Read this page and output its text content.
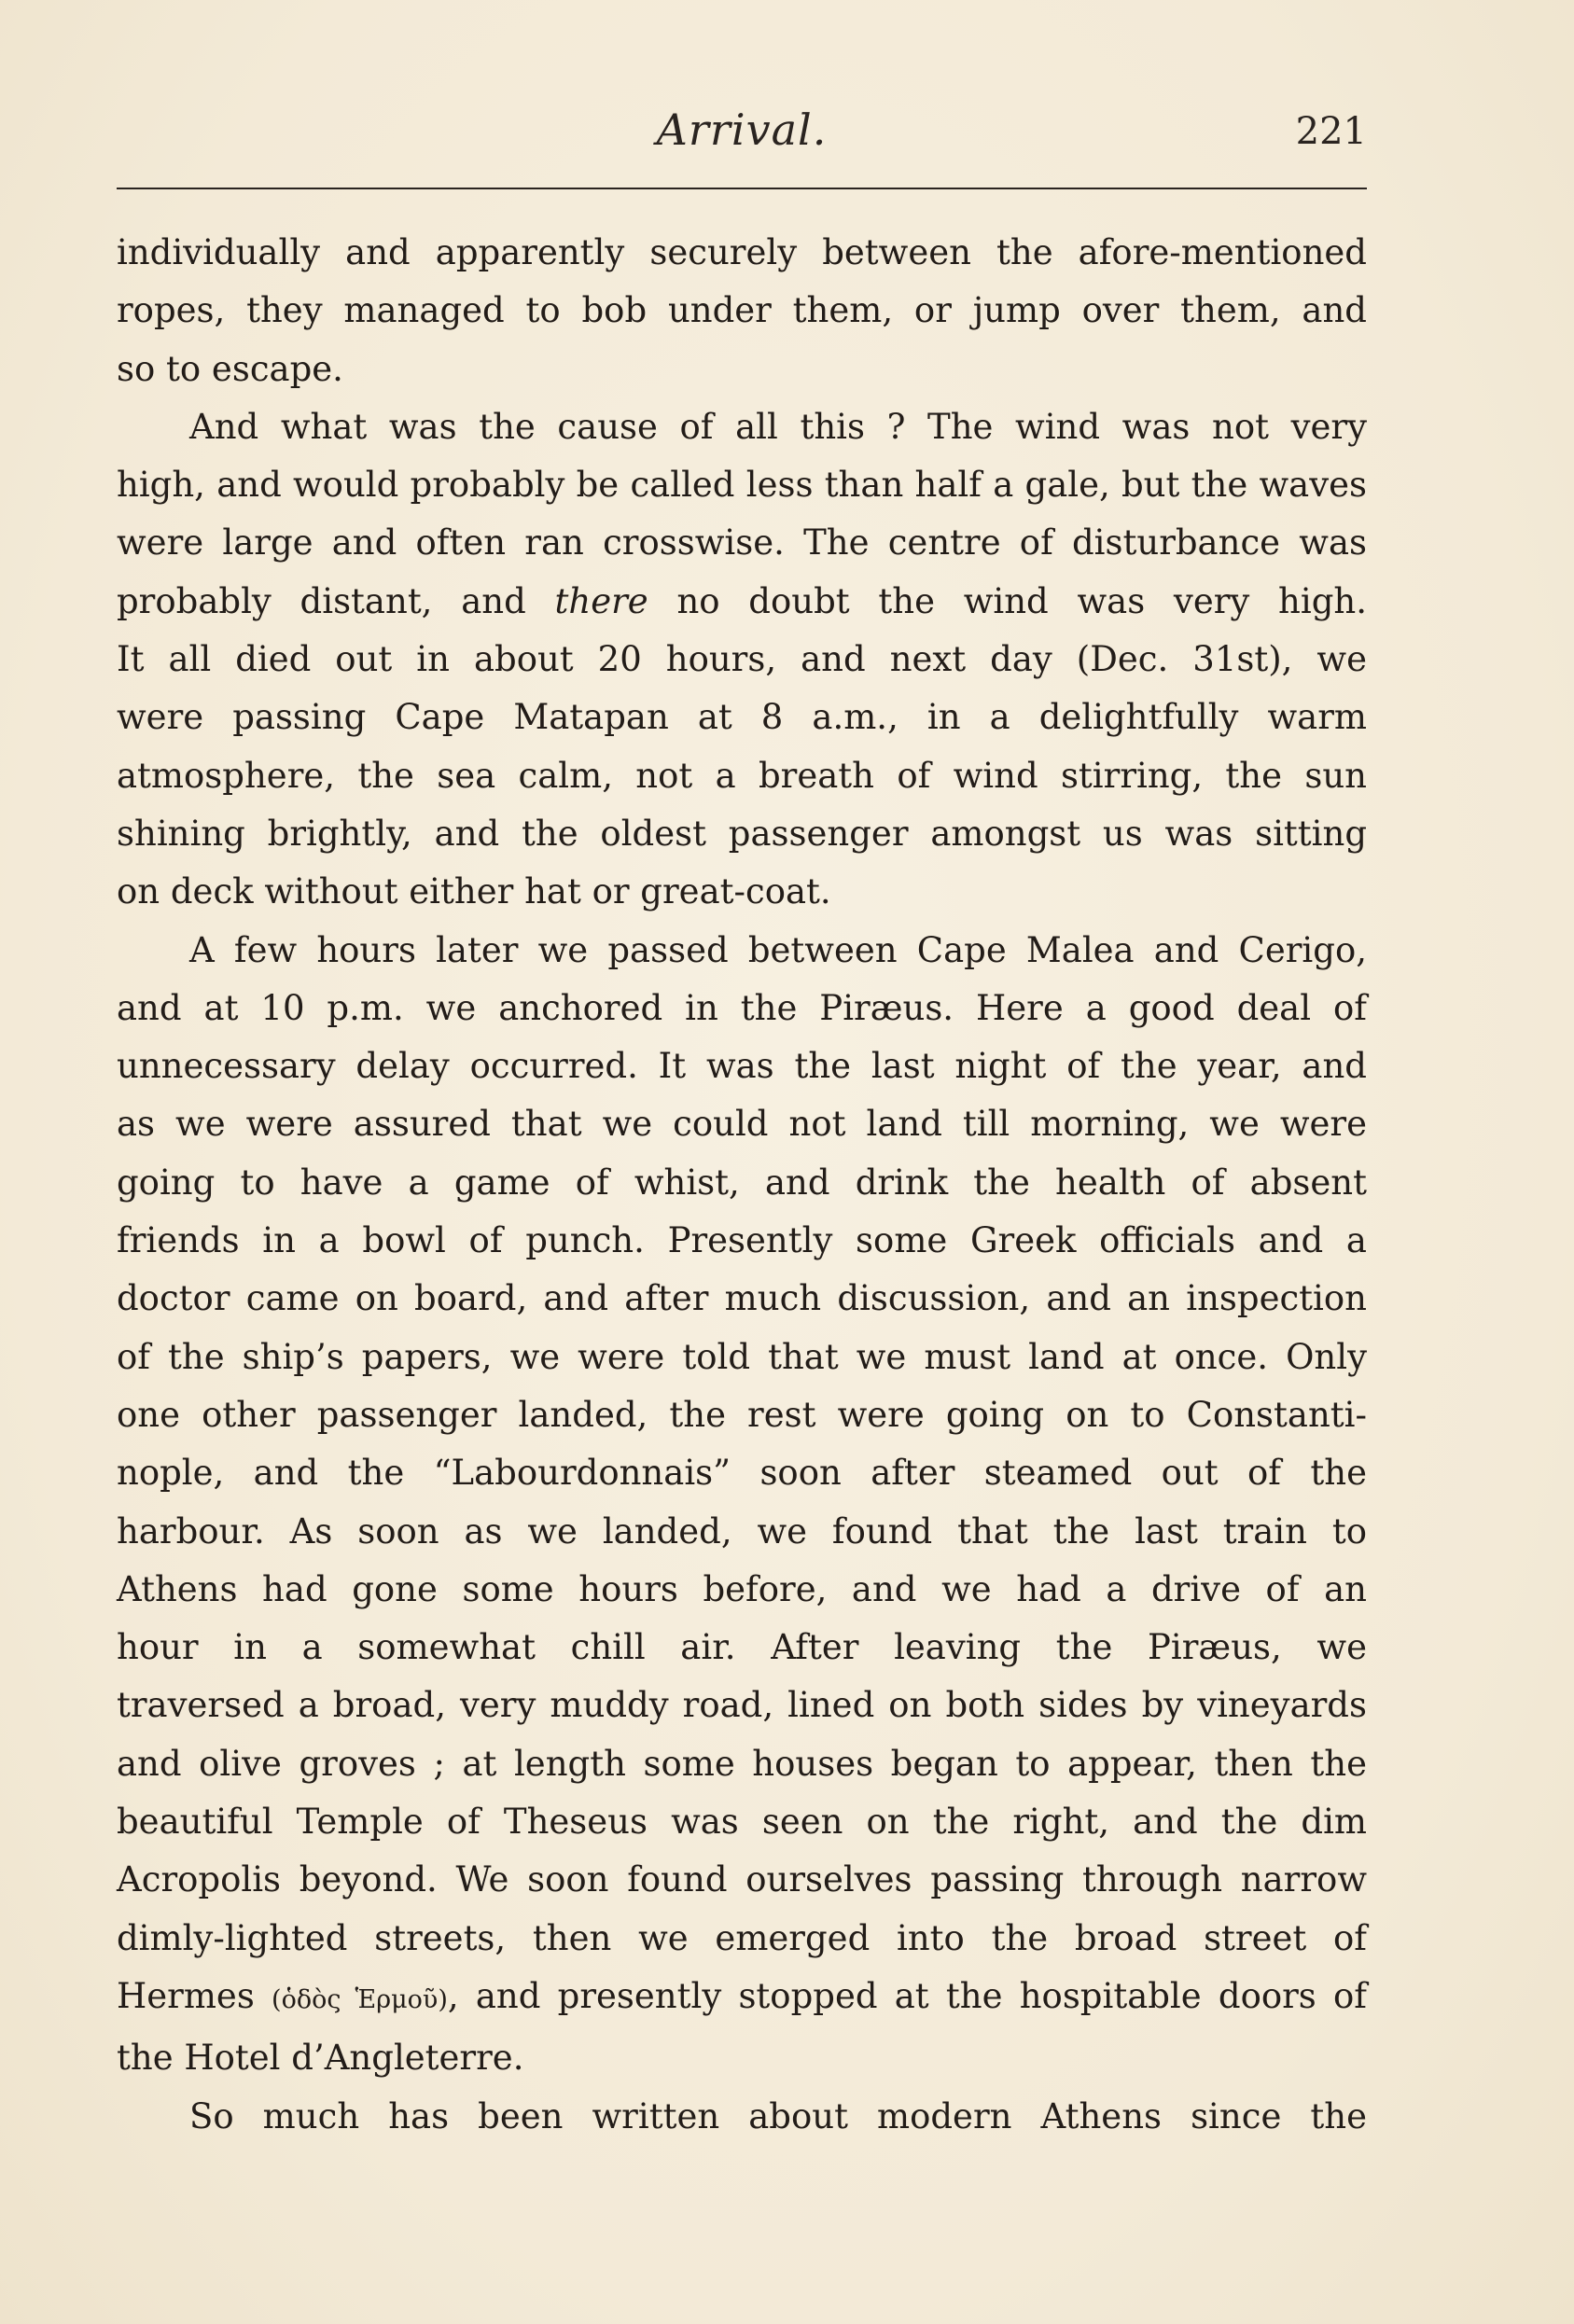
Arrival.	221
individually and apparently securely between the afore-mentioned
ropes, they managed to bob under them, or jump over them, and
so to escape.
And what was the cause of all this ? The wind was not very
high, and would probably be called less than half a gale, but the waves
were large and often ran crosswise. The centre of disturbance was
probably distant, and there no doubt the wind was very high.
It all died out in about 20 hours, and next day (Dec. 31st), we
were passing Cape Matapan at 8 a.m., in a delightfully warm
atmosphere, the sea calm, not a breath of wind stirring, the sun
shining brightly, and the oldest passenger amongst us was sitting
on deck without either hat or great-coat.
A few hours later we passed between Cape Malea and Cerigo,
and at 10 p.m. we anchored in the Piræus. Here a good deal of
unnecessary delay occurred. It was the last night of the year, and
as we were assured that we could not land till morning, we were
going to have a game of whist, and drink the health of absent
friends in a bowl of punch. Presently some Greek officials and a
doctor came on board, and after much discussion, and an inspection
of the ship’s papers, we were told that we must land at once. Only
one other passenger landed, the rest were going on to Constanti-
nople, and the “Labourdonnais” soon after steamed out of the
harbour. As soon as we landed, we found that the last train to
Athens had gone some hours before, and we had a drive of an
hour in a somewhat chill air. After leaving the Piræus, we
traversed a broad, very muddy road, lined on both sides by vineyards
and olive groves ; at length some houses began to appear, then the
beautiful Temple of Theseus was seen on the right, and the dim
Acropolis beyond. We soon found ourselves passing through narrow
dimly-lighted streets, then we emerged into the broad street of
Hermes (ὁδὸς Ἑρμοῦ), and presently stopped at the hospitable doors of
the Hotel d’Angleterre.
So much has been written about modern Athens since the
